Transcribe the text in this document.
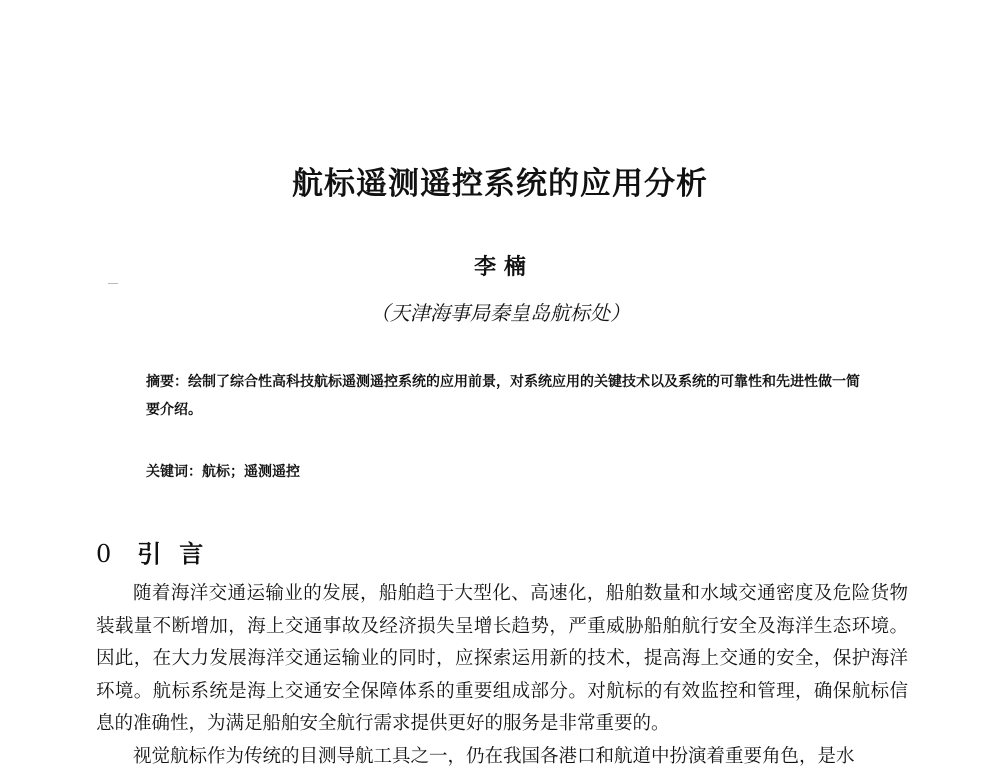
航标遥测遥控系统的应用分析
李 楠
（天津海事局秦皇岛航标处）
摘要：绘制了综合性高科技航标遥测遥控系统的应用前景，对系统应用的关键技术以及系统的可靠性和先进性做一简要介绍。
关键词：航标；遥测遥控
0 引言

随着海洋交通运输业的发展，船舶趋于大型化、高速化，船舶数量和水域交通密度及危险货物装载量不断增加，海上交通事故及经济损失呈增长趋势，严重威胁船舶航行安全及海洋生态环境。因此，在大力发展海洋交通运输业的同时，应探索运用新的技术，提高海上交通的安全，保护海洋环境。航标系统是海上交通安全保障体系的重要组成部分。对航标的有效监控和管理，确保航标信息的准确性，为满足船舶安全航行需求提供更好的服务是非常重要的。

视觉航标作为传统的目测导航工具之一，仍在我国各港口和航道中扮演着重要角色，是水
